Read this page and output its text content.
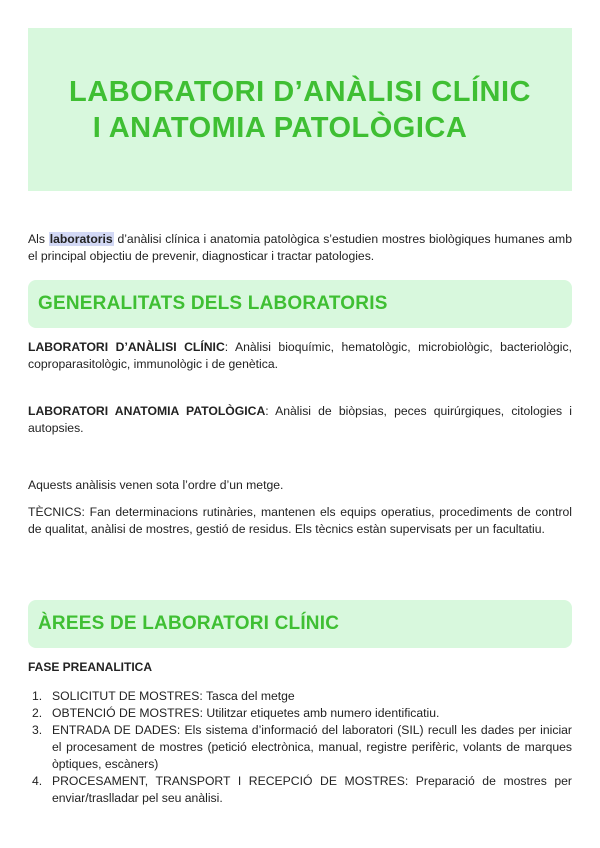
LABORATORI D’ANÀLISI CLÍNIC
I ANATOMIA PATOLÒGICA

Als laboratoris d’anàlisi clínica i anatomia patològica s’estudien mostres biològiques humanes amb el principal objectiu de prevenir, diagnosticar i tractar patologies.

GENERALITATS DELS LABORATORIS

LABORATORI D’ANÀLISI CLÍNIC: Anàlisi bioquímic, hematològic, microbiològic, bacteriològic, coproparasitològic, immunològic i de genètica.

LABORATORI ANATOMIA PATOLÒGICA: Anàlisi de biòpsias, peces quirúrgiques, citologies i autopsies.

Aquests anàlisis venen sota l’ordre d’un metge.

TÈCNICS: Fan determinacions rutinàries, mantenen els equips operatius, procediments de control de qualitat, anàlisi de mostres, gestió de residus. Els tècnics estàn supervisats per un facultatiu.

ÀREES DE LABORATORI CLÍNIC
FASE PREANALITICA
1. SOLICITUT DE MOSTRES: Tasca del metge
2. OBTENCIÓ DE MOSTRES: Utilitzar etiquetes amb numero identificatiu.
3. ENTRADA DE DADES: Els sistema d’informació del laboratori (SIL) recull les dades per iniciar el procesament de mostres (petició electrònica, manual, registre perifèric, volants de marques òptiques, escàners)
4. PROCESAMENT, TRANSPORT I RECEPCIÓ DE MOSTRES: Preparació de mostres per enviar/traslladar pel seu anàlisi.
